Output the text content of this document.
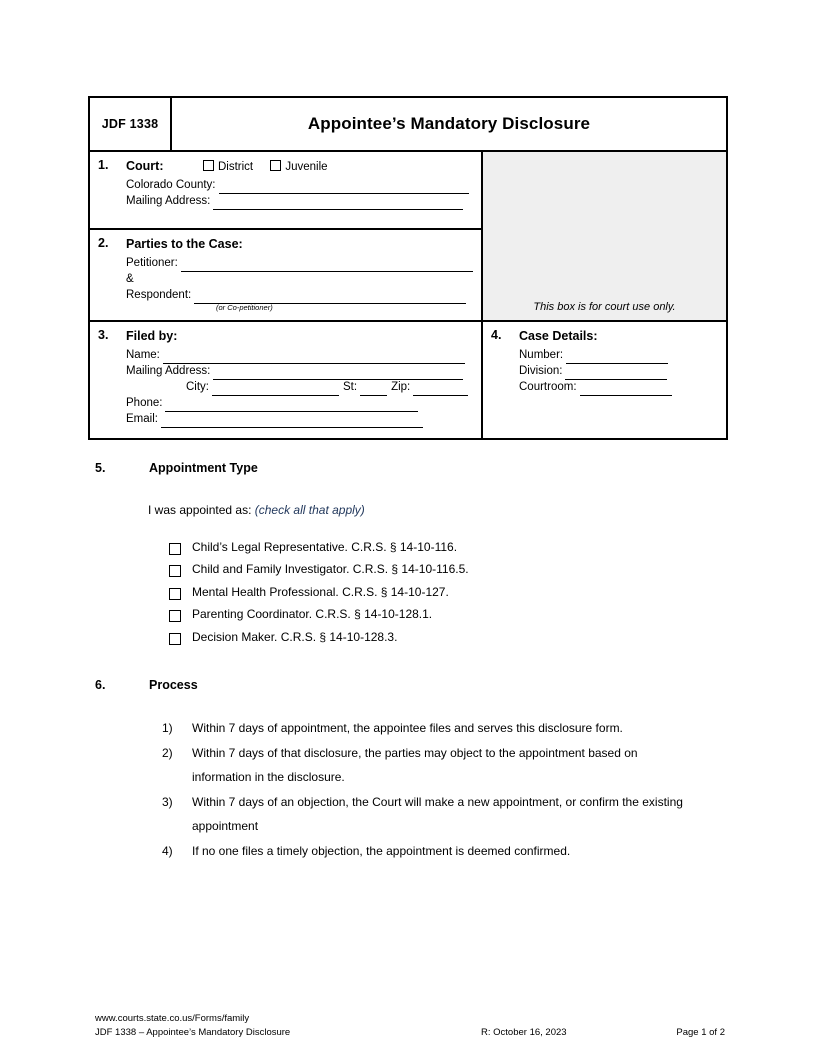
JDF 1338	Appointee’s Mandatory Disclosure	

1. Court: District Juvenile
Colorado County:
Mailing Address:		This box is for court use only.

2. Parties to the Case:
Petitioner:
&
Respondent:
(or Co-petitioner)

3. Filed by:
Name:
Mailing Address:
City:	St:	Zip:
Phone:
Email:

4. Case Details:
Number:
Division:
Courtroom:
5.	Appointment Type
I was appointed as: (check all that apply)
Child’s Legal Representative. C.R.S. § 14-10-116.
Child and Family Investigator. C.R.S. § 14-10-116.5.
Mental Health Professional. C.R.S. § 14-10-127.
Parenting Coordinator. C.R.S. § 14-10-128.1.
Decision Maker. C.R.S. § 14-10-128.3.
6.	Process
1)	Within 7 days of appointment, the appointee files and serves this disclosure form.
2)	Within 7 days of that disclosure, the parties may object to the appointment based on information in the disclosure.
3)	Within 7 days of an objection, the Court will make a new appointment, or confirm the existing appointment
4)	If no one files a timely objection, the appointment is deemed confirmed.
www.courts.state.co.us/Forms/family
JDF 1338 – Appointee’s Mandatory Disclosure	R: October 16, 2023	Page 1 of 2
